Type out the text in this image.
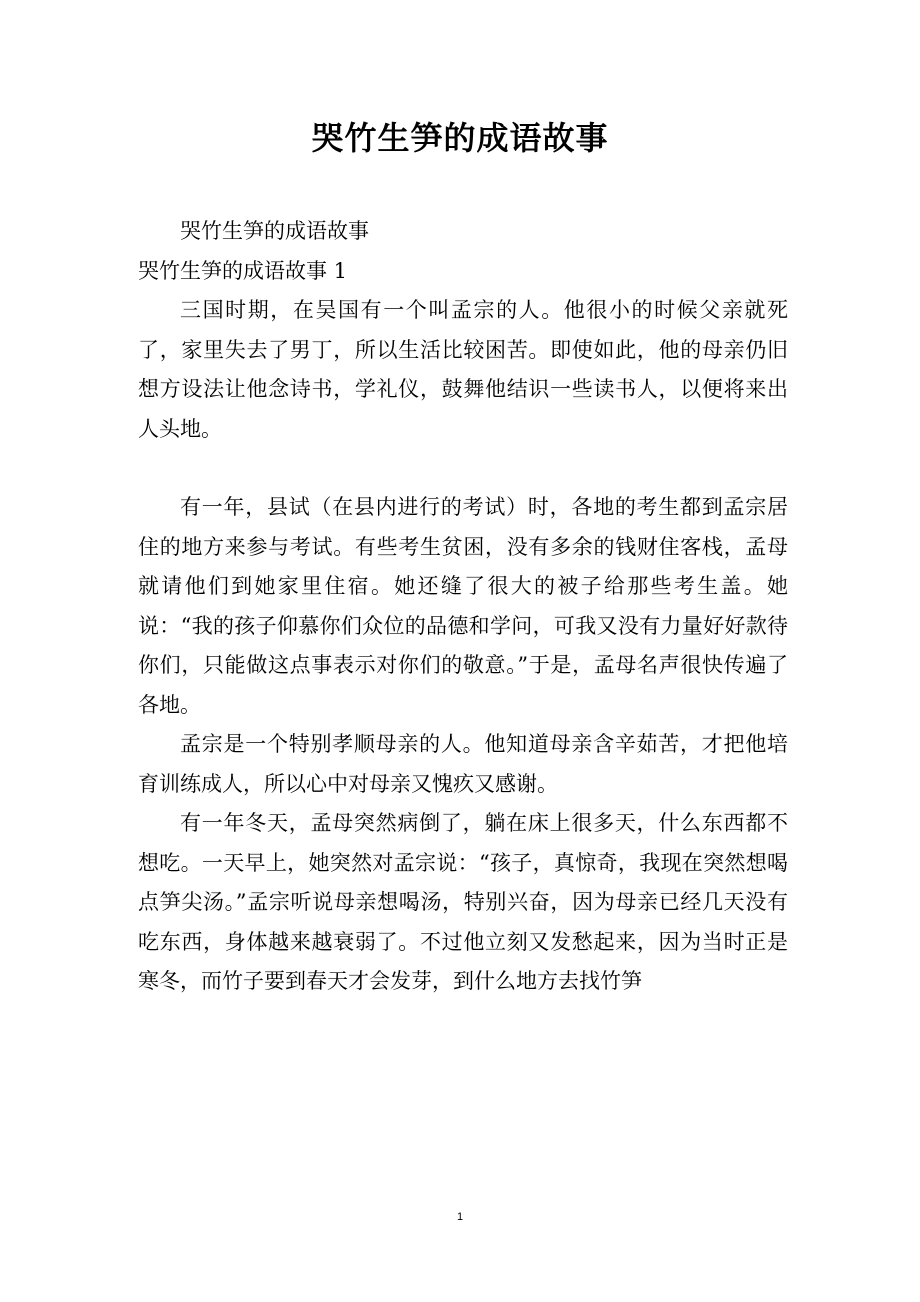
哭竹生笋的成语故事

哭竹生笋的成语故事

哭竹生笋的成语故事 1

三国时期，在吴国有一个叫孟宗的人。他很小的时候父亲就死了，家里失去了男丁，所以生活比较困苦。即使如此，他的母亲仍旧想方设法让他念诗书，学礼仪，鼓舞他结识一些读书人，以便将来出人头地。

有一年，县试（在县内进行的考试）时，各地的考生都到孟宗居住的地方来参与考试。有些考生贫困，没有多余的钱财住客栈，孟母就请他们到她家里住宿。她还缝了很大的被子给那些考生盖。她说：“我的孩子仰慕你们众位的品德和学问，可我又没有力量好好款待你们，只能做这点事表示对你们的敬意。”于是，孟母名声很快传遍了各地。

孟宗是一个特别孝顺母亲的人。他知道母亲含辛茹苦，才把他培育训练成人，所以心中对母亲又愧疚又感谢。

有一年冬天，孟母突然病倒了，躺在床上很多天，什么东西都不想吃。一天早上，她突然对孟宗说：“孩子，真惊奇，我现在突然想喝点笋尖汤。”孟宗听说母亲想喝汤，特别兴奋，因为母亲已经几天没有吃东西，身体越来越衰弱了。不过他立刻又发愁起来，因为当时正是寒冬，而竹子要到春天才会发芽，到什么地方去找竹笋

1
